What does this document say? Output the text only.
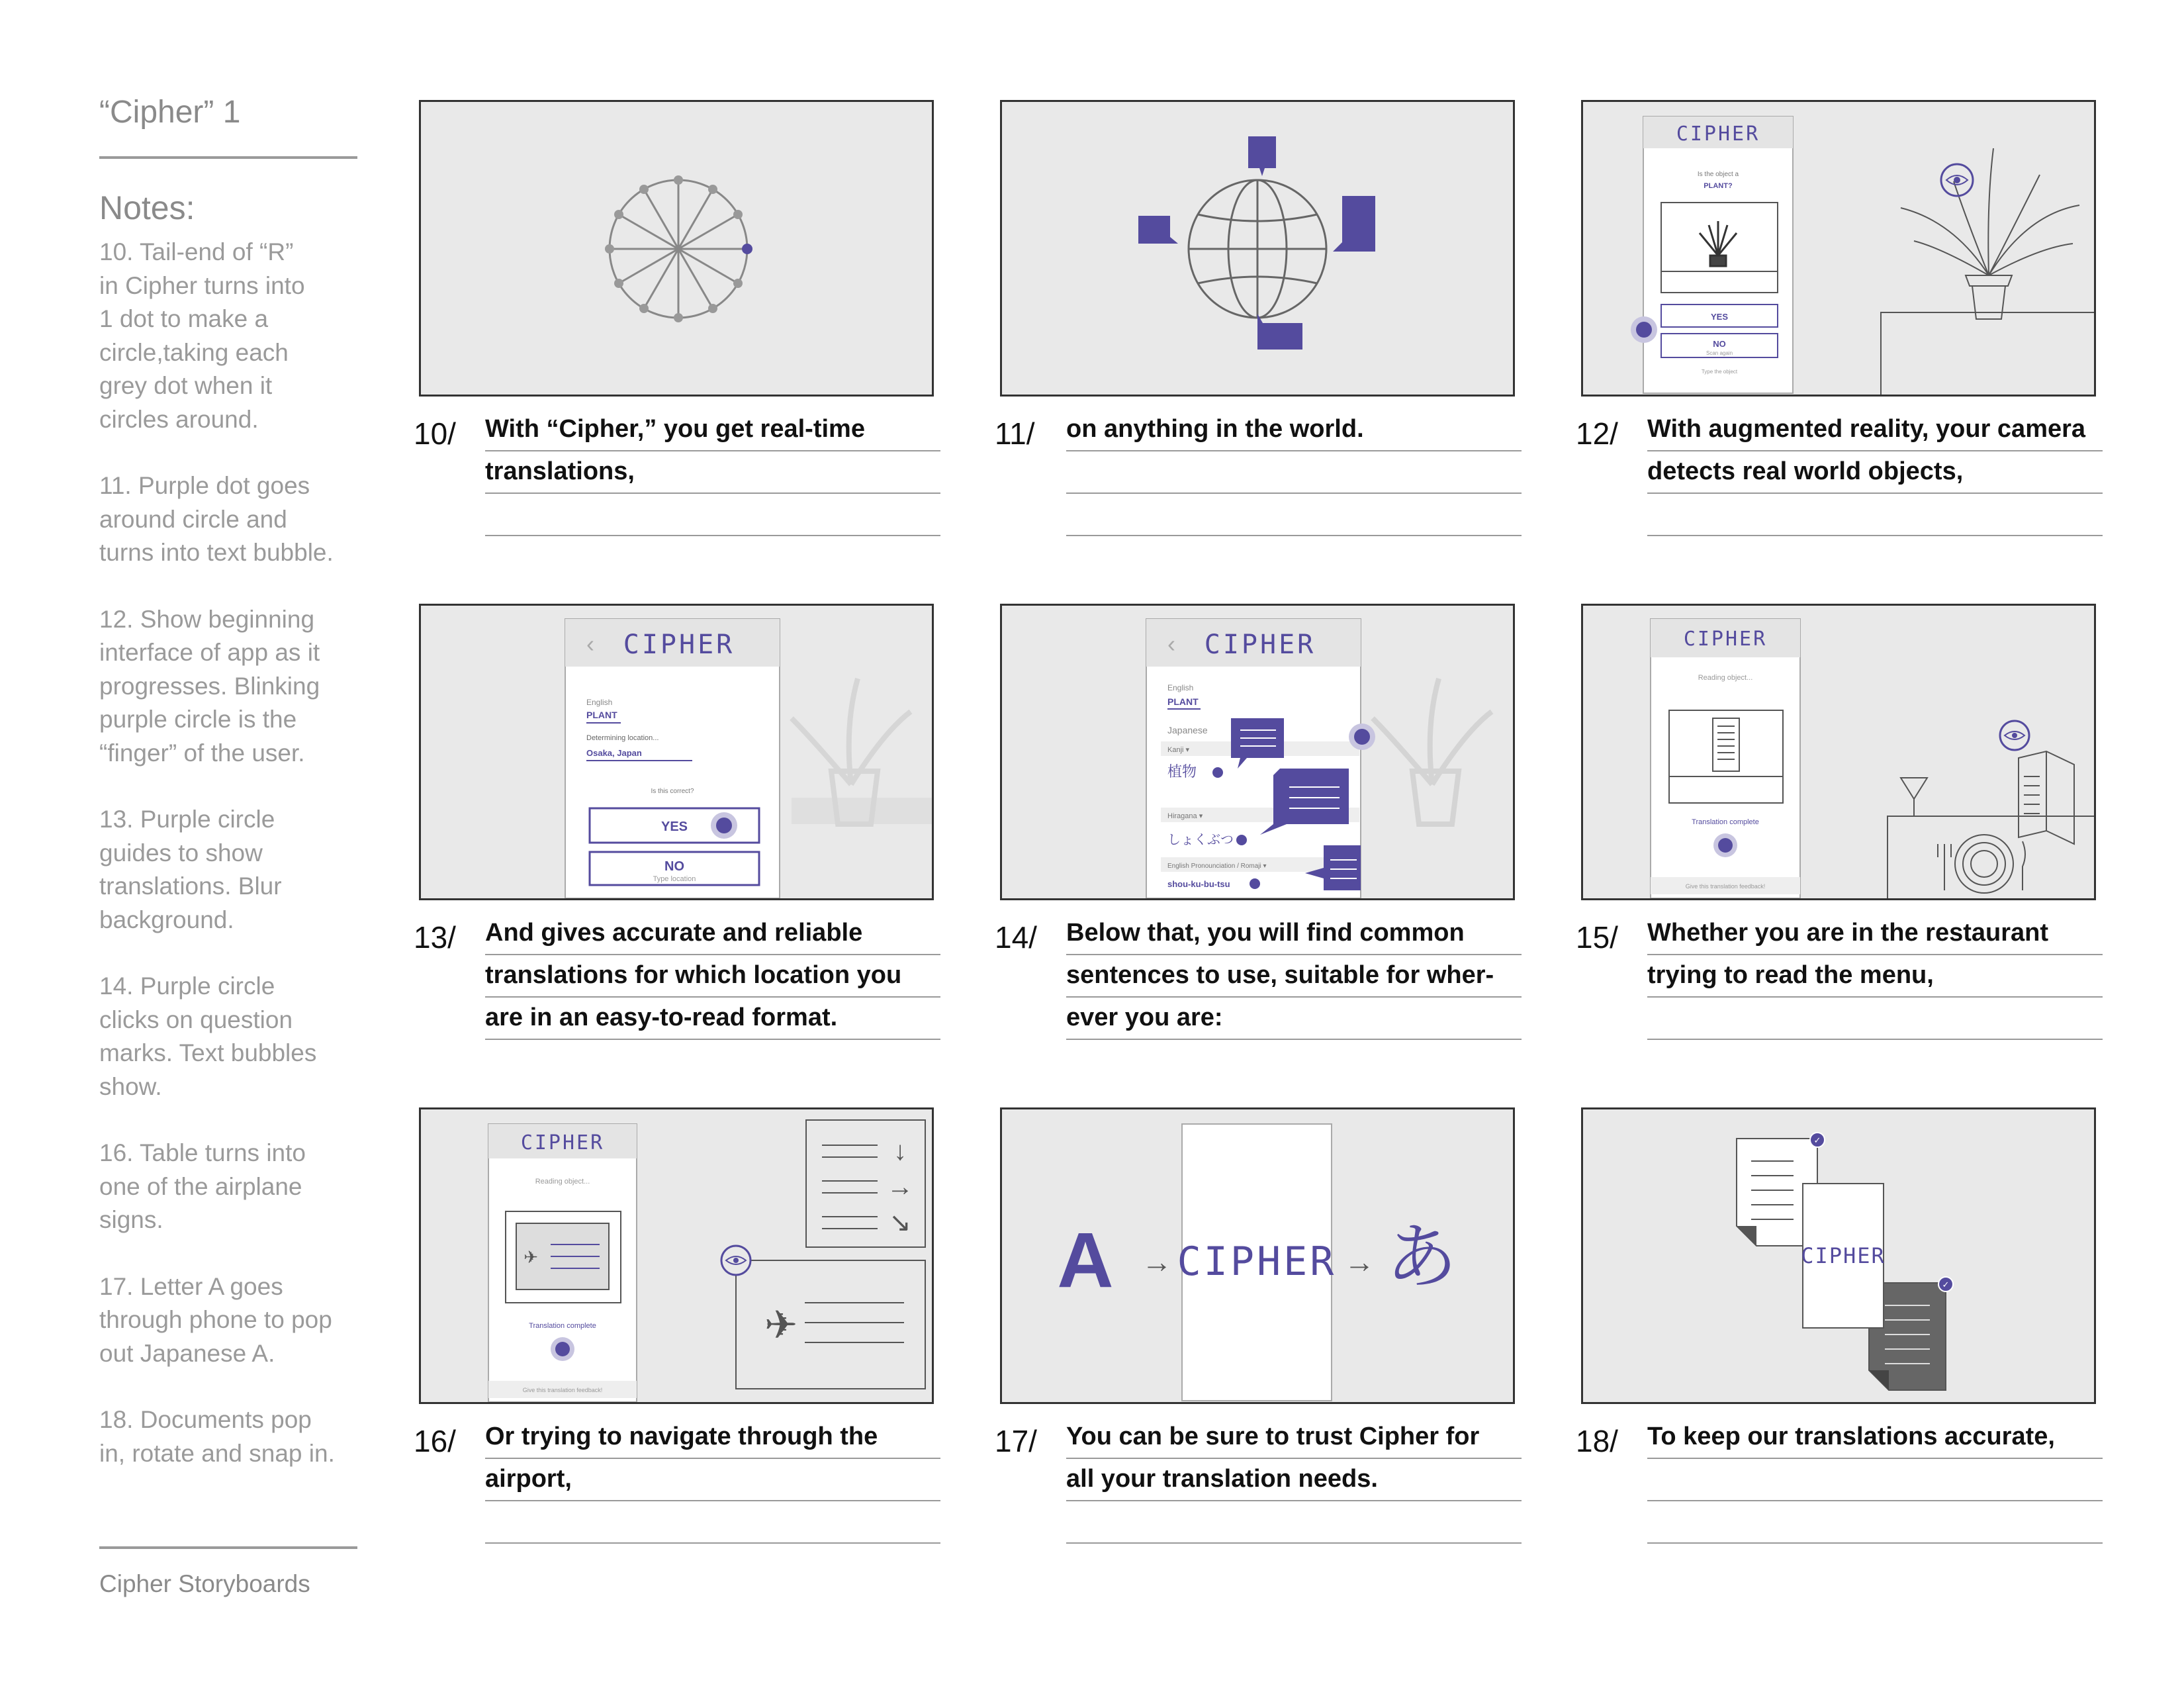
“Cipher” 1
Notes:
10. Tail-end of “R”
in Cipher turns into
1 dot to make a
circle,taking each
grey dot when it
circles around.
11. Purple dot goes
around circle and
turns into text bubble.
12. Show beginning
interface of app as it
progresses. Blinking
purple circle is the
“finger” of the user.
13. Purple circle
guides to show
translations. Blur
background.
14. Purple circle
clicks on question
marks. Text bubbles
show.
16. Table turns into
one of the airplane
signs.
17. Letter A goes
through phone to pop
out Japanese A.
18. Documents pop
in, rotate and snap in.
Cipher Storyboards
CIPHER
Is the object a
PLANT?
YES
NO
Scan again
Type the object
‹ CIPHER
English
PLANT
Determining location...
Osaka, Japan
Is this correct?
YES
NO
Type location
‹ CIPHER
English
PLANT
Japanese
Kanji ▾
植物
Hiragana ▾
しょくぶつ
English Pronounciation / Romaji ▾
shou-ku-bu-tsu
CIPHER
Reading object...
Translation complete
Give this translation feedback!
CIPHER
Reading object...
✈
Translation complete
Give this translation feedback!
↓
→
↘
✈
CIPHER
A →	→ あ
✓
CIPHER
✓
10/ With “Cipher,” you get real-time
translations,
11/ on anything in the world.	12/ With augmented reality, your camera
detects real world objects,
13/ And gives accurate and reliable
translations for which location you
are in an easy-to-read format.
14/ Below that, you will find common
sentences to use, suitable for wher-
ever you are:
15/ Whether you are in the restaurant
trying to read the menu,
16/ Or trying to navigate through the
airport,
17/ You can be sure to trust Cipher for
all your translation needs.
18/ To keep our translations accurate,
